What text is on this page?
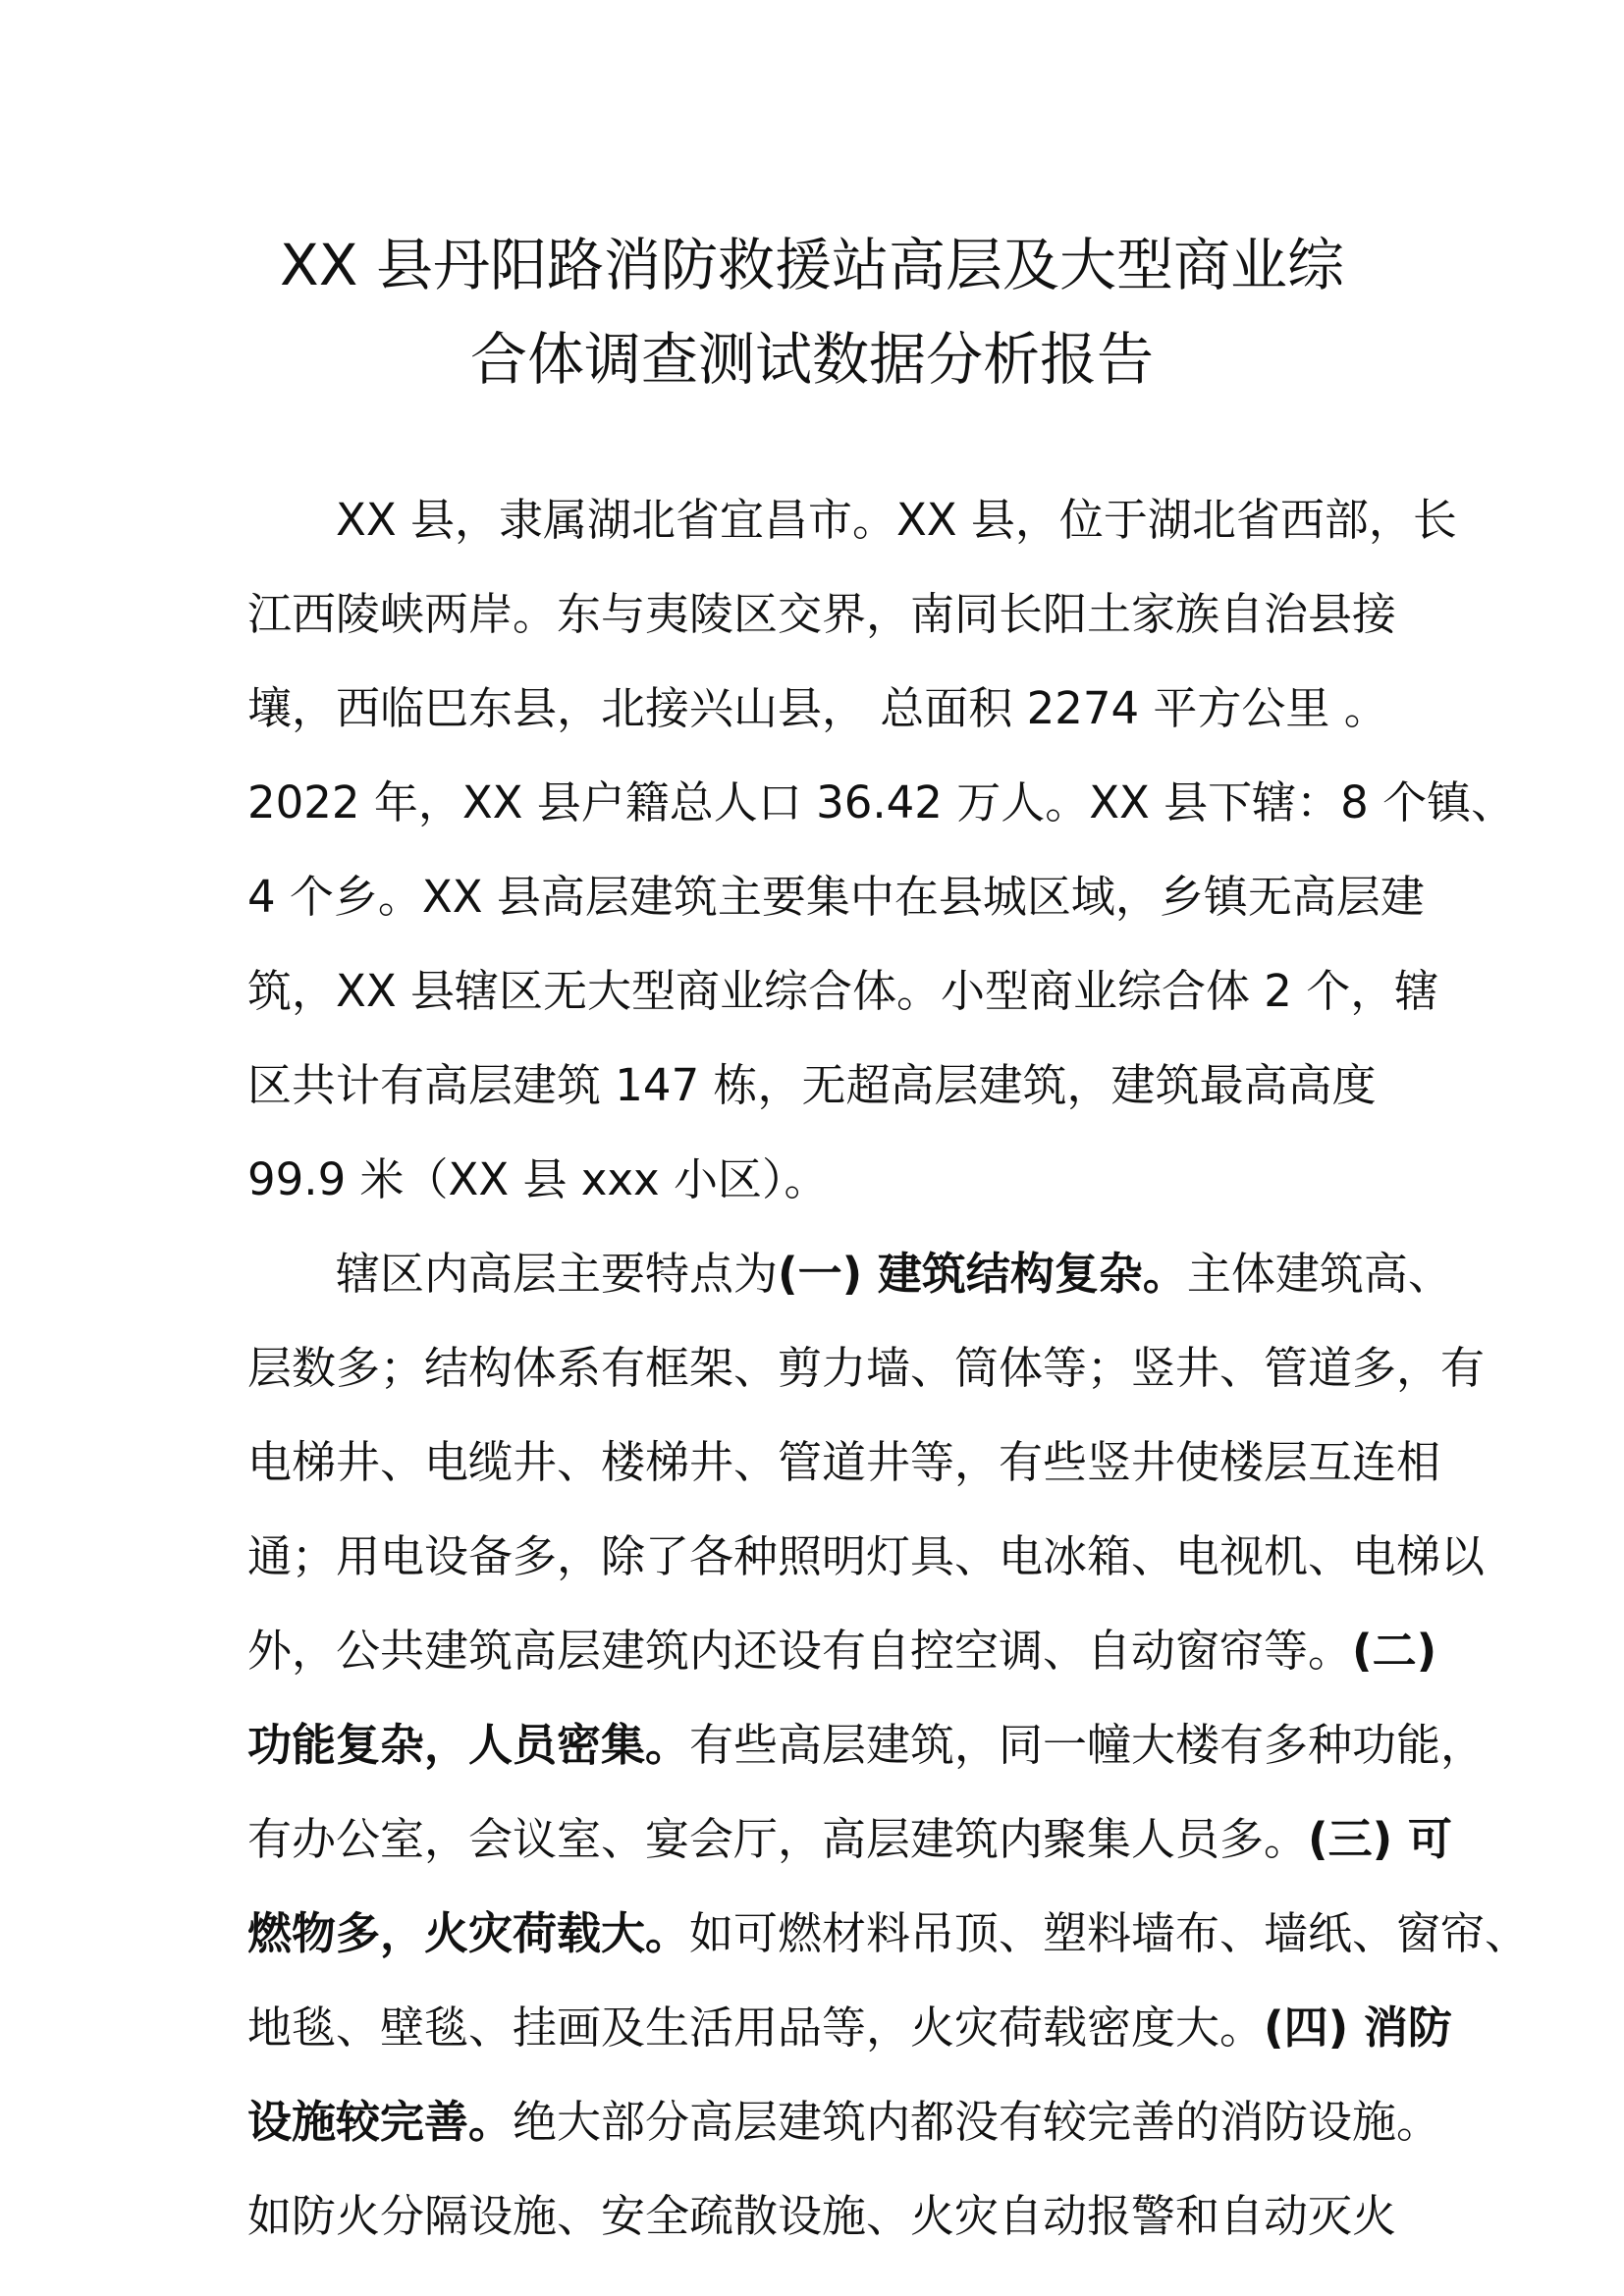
XX 县丹阳路消防救援站高层及大型商业综
合体调查测试数据分析报告
XX 县，隶属湖北省宜昌市。XX 县，位于湖北省西部，长
江西陵峡两岸。东与夷陵区交界，南同长阳土家族自治县接
壤，西临巴东县，北接兴山县， 总面积 2274 平方公里 。
2022 年，XX 县户籍总人口 36.42 万人。XX 县下辖：8 个镇、
4 个乡。XX 县高层建筑主要集中在县城区域，乡镇无高层建
筑，XX 县辖区无大型商业综合体。小型商业综合体 2 个，辖
区共计有高层建筑 147 栋，无超高层建筑，建筑最高高度
99.9 米（XX 县 xxx 小区）。
辖区内高层主要特点为(一) 建筑结构复杂。主体建筑高、
层数多；结构体系有框架、剪力墙、筒体等；竖井、管道多，有
电梯井、电缆井、楼梯井、管道井等，有些竖井使楼层互连相
通；用电设备多，除了各种照明灯具、电冰箱、电视机、电梯以
外，公共建筑高层建筑内还设有自控空调、自动窗帘等。(二)
功能复杂，人员密集。有些高层建筑，同一幢大楼有多种功能，
有办公室，会议室、宴会厅，高层建筑内聚集人员多。(三) 可
燃物多，火灾荷载大。如可燃材料吊顶、塑料墙布、墙纸、窗帘、
地毯、壁毯、挂画及生活用品等，火灾荷载密度大。(四) 消防
设施较完善。绝大部分高层建筑内都没有较完善的消防设施。
如防火分隔设施、安全疏散设施、火灾自动报警和自动灭火
